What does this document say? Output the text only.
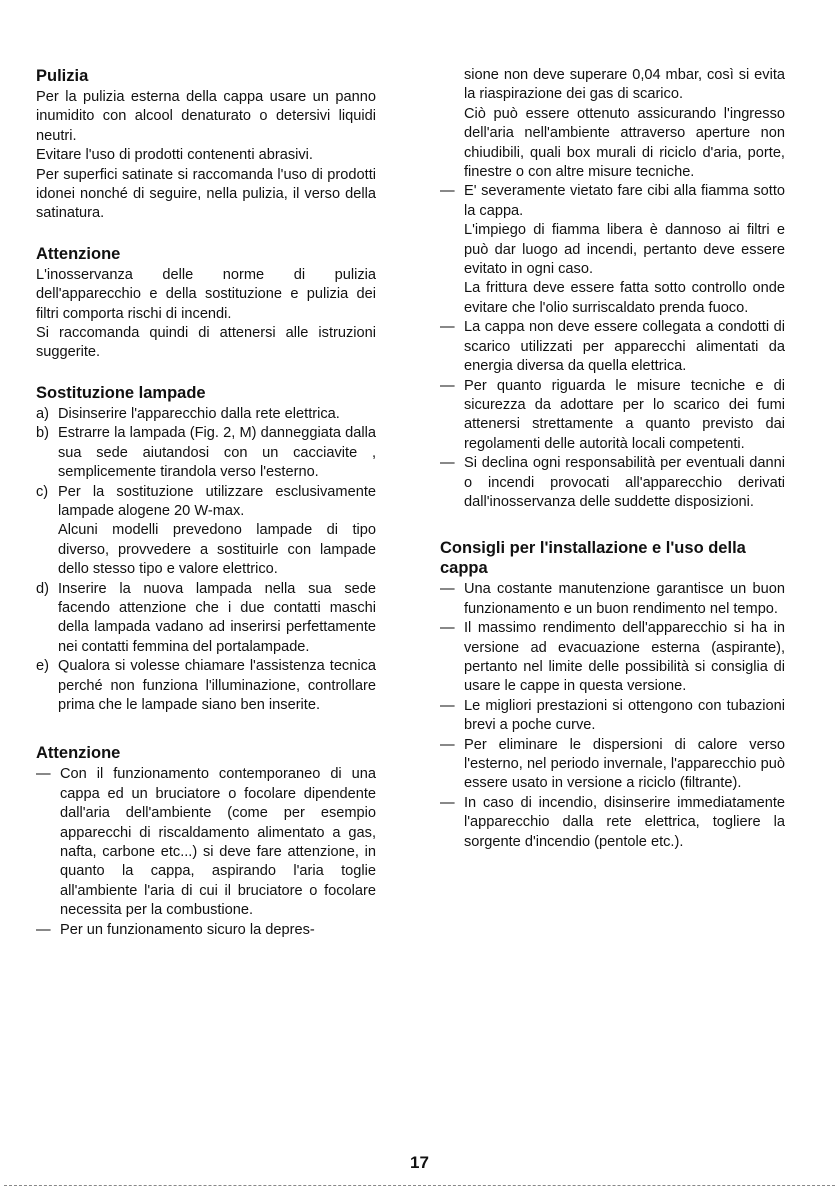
Pulizia

Per la pulizia esterna della cappa usare un panno inumidito con alcool denaturato o detersivi liquidi neutri.

Evitare l'uso di prodotti contenenti abrasivi.

Per superfici satinate si raccomanda l'uso di prodotti idonei nonché di seguire, nella pulizia, il verso della satinatura.

Attenzione

L'inosservanza delle norme di pulizia dell'apparecchio e della sostituzione e pulizia dei filtri comporta rischi di incendi.

Si raccomanda quindi di attenersi alle istruzioni suggerite.

Sostituzione lampade
a) Disinserire l'apparecchio dalla rete elettrica.
b) Estrarre la lampada (Fig. 2, M) danneggiata dalla sua sede aiutandosi con un cacciavite , semplicemente tirandola verso l'esterno.
c) Per la sostituzione utilizzare esclusivamente lampade alogene 20 W-max.

Alcuni modelli prevedono lampade di tipo diverso, provvedere a sostituirle con lampade dello stesso tipo e valore elettrico.

d) Inserire la nuova lampada nella sua sede facendo attenzione che i due contatti maschi della lampada vadano ad inserirsi perfettamente nei contatti femmina del portalampade.
e) Qualora si volesse chiamare l'assistenza tecnica perché non funziona l'illuminazione, controllare prima che le lampade siano ben inserite.
Attenzione
— Con il funzionamento contemporaneo di una cappa ed un bruciatore o focolare dipendente dall'aria dell'ambiente (come per esempio apparecchi di riscaldamento alimentato a gas, nafta, carbone etc...) si deve fare attenzione, in quanto la cappa, aspirando l'aria toglie all'ambiente l'aria di cui il bruciatore o focolare necessita per la combustione.
— Per un funzionamento sicuro la depres-

sione non deve superare 0,04 mbar, così si evita la riaspirazione dei gas di scarico.

Ciò può essere ottenuto assicurando l'ingresso dell'aria nell'ambiente attraverso aperture non chiudibili, quali box murali di riciclo d'aria, porte, finestre o con altre misure tecniche.

— E' severamente vietato fare cibi alla fiamma sotto la cappa.

L'impiego di fiamma libera è dannoso ai filtri e può dar luogo ad incendi, pertanto deve essere evitato in ogni caso.

La frittura deve essere fatta sotto controllo onde evitare che l'olio surriscaldato prenda fuoco.

— La cappa non deve essere collegata a condotti di scarico utilizzati per apparecchi alimentati da energia diversa da quella elettrica.
— Per quanto riguarda le misure tecniche e di sicurezza da adottare per lo scarico dei fumi attenersi strettamente a quanto previsto dai regolamenti delle autorità locali competenti.
— Si declina ogni responsabilità per eventuali danni o incendi provocati all'apparecchio derivati dall'inosservanza delle suddette disposizioni.
Consigli per l'installazione e l'uso della cappa
— Una costante manutenzione garantisce un buon funzionamento e un buon rendimento nel tempo.
— Il massimo rendimento dell'apparecchio si ha in versione ad evacuazione esterna (aspirante), pertanto nel limite delle possibilità si consiglia di usare le cappe in questa versione.
— Le migliori prestazioni si ottengono con tubazioni brevi a poche curve.
— Per eliminare le dispersioni di calore verso l'esterno, nel periodo invernale, l'apparecchio può essere usato in versione a riciclo (filtrante).
— In caso di incendio, disinserire immediatamente l'apparecchio dalla rete elettrica, togliere la sorgente d'incendio (pentole etc.).
17
